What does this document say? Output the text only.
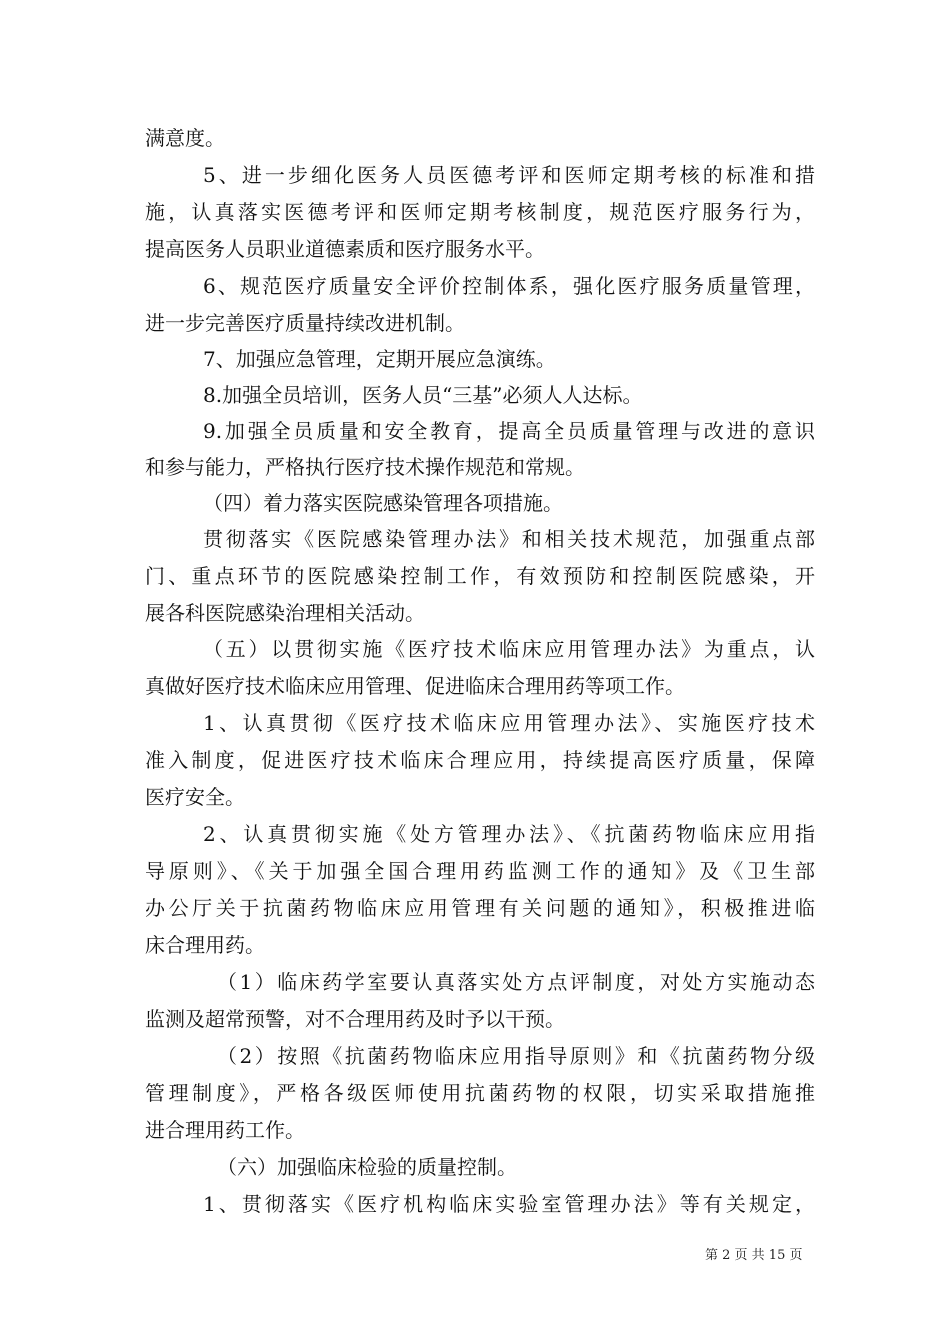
满意度。
5、进一步细化医务人员医德考评和医师定期考核的标准和措
施，认真落实医德考评和医师定期考核制度，规范医疗服务行为，
提高医务人员职业道德素质和医疗服务水平。
6、规范医疗质量安全评价控制体系，强化医疗服务质量管理，
进一步完善医疗质量持续改进机制。
7、加强应急管理，定期开展应急演练。
8.加强全员培训，医务人员“三基”必须人人达标。
9.加强全员质量和安全教育，提高全员质量管理与改进的意识
和参与能力，严格执行医疗技术操作规范和常规。
（四）着力落实医院感染管理各项措施。
贯彻落实《医院感染管理办法》和相关技术规范，加强重点部
门、重点环节的医院感染控制工作，有效预防和控制医院感染，开
展各科医院感染治理相关活动。
（五）以贯彻实施《医疗技术临床应用管理办法》为重点，认
真做好医疗技术临床应用管理、促进临床合理用药等项工作。
1、认真贯彻《医疗技术临床应用管理办法》、实施医疗技术
准入制度，促进医疗技术临床合理应用，持续提高医疗质量，保障
医疗安全。
2、认真贯彻实施《处方管理办法》、《抗菌药物临床应用指
导原则》、《关于加强全国合理用药监测工作的通知》及《卫生部
办公厅关于抗菌药物临床应用管理有关问题的通知》，积极推进临
床合理用药。
（1）临床药学室要认真落实处方点评制度，对处方实施动态
监测及超常预警，对不合理用药及时予以干预。
（2）按照《抗菌药物临床应用指导原则》和《抗菌药物分级
管理制度》，严格各级医师使用抗菌药物的权限，切实采取措施推
进合理用药工作。
（六）加强临床检验的质量控制。
1、贯彻落实《医疗机构临床实验室管理办法》等有关规定，
第 2 页 共 15 页
